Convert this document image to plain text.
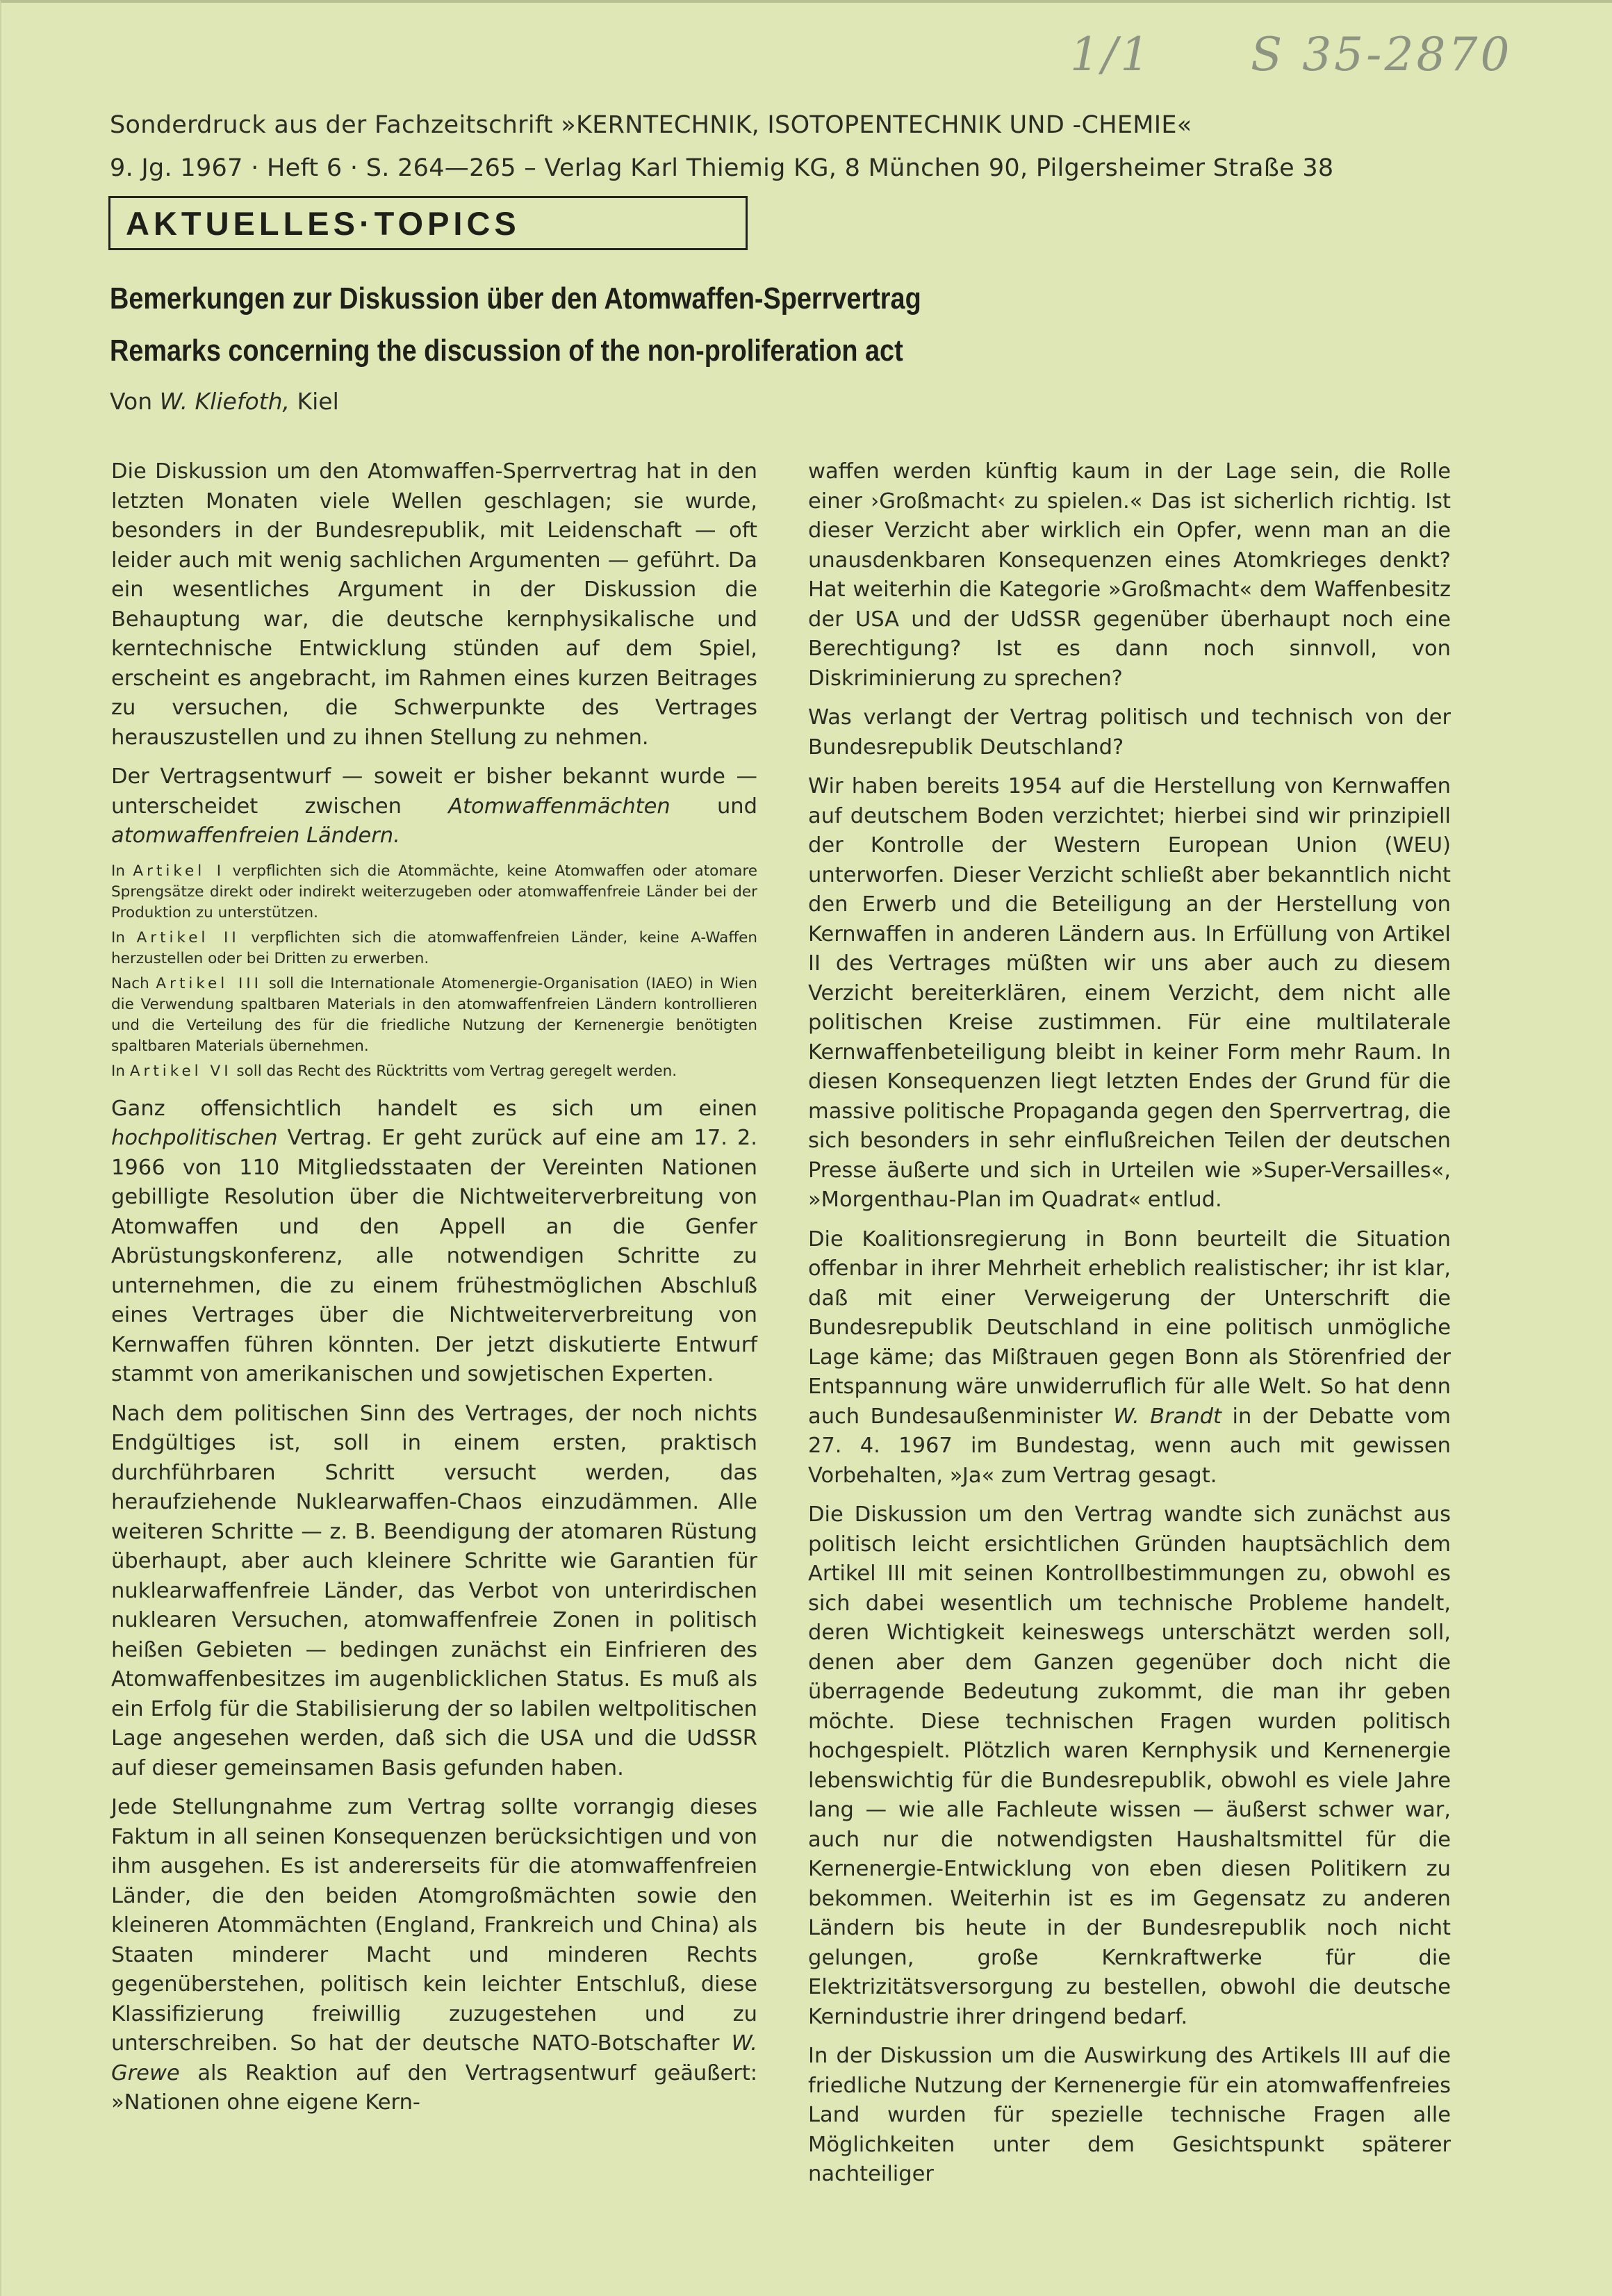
1/1 S 35-2870
Sonderdruck aus der Fachzeitschrift »KERNTECHNIK, ISOTOPENTECHNIK UND -CHEMIE«
9. Jg. 1967 · Heft 6 · S. 264—265 – Verlag Karl Thiemig KG, 8 München 90, Pilgersheimer Straße 38
AKTUELLES·TOPICS
Bemerkungen zur Diskussion über den Atomwaffen-Sperrvertrag
Remarks concerning the discussion of the non-proliferation act
Von W. Kliefoth, Kiel

Die Diskussion um den Atomwaffen-Sperrvertrag hat in den letzten Monaten viele Wellen geschlagen; sie wurde, besonders in der Bundesrepublik, mit Leidenschaft — oft leider auch mit wenig sachlichen Argumenten — geführt. Da ein wesentliches Argument in der Diskussion die Behauptung war, die deutsche kernphysikalische und kerntechnische Entwicklung stünden auf dem Spiel, erscheint es angebracht, im Rahmen eines kurzen Beitrages zu versuchen, die Schwerpunkte des Vertrages herauszustellen und zu ihnen Stellung zu nehmen.

Der Vertragsentwurf — soweit er bisher bekannt wurde — unterscheidet zwischen Atomwaffenmächten und atomwaffenfreien Ländern.

In Artikel I verpflichten sich die Atommächte, keine Atomwaffen oder atomare Sprengsätze direkt oder indirekt weiterzugeben oder atomwaffenfreie Länder bei der Produktion zu unterstützen.

In Artikel II verpflichten sich die atomwaffenfreien Länder, keine A-Waffen herzustellen oder bei Dritten zu erwerben.

Nach Artikel III soll die Internationale Atomenergie-Organisation (IAEO) in Wien die Verwendung spaltbaren Materials in den atomwaffenfreien Ländern kontrollieren und die Verteilung des für die friedliche Nutzung der Kernenergie benötigten spaltbaren Materials übernehmen.

In Artikel VI soll das Recht des Rücktritts vom Vertrag geregelt werden.

Ganz offensichtlich handelt es sich um einen hochpolitischen Vertrag. Er geht zurück auf eine am 17. 2. 1966 von 110 Mitgliedsstaaten der Vereinten Nationen gebilligte Resolution über die Nichtweiterverbreitung von Atomwaffen und den Appell an die Genfer Abrüstungskonferenz, alle notwendigen Schritte zu unternehmen, die zu einem frühestmöglichen Abschluß eines Vertrages über die Nichtweiterverbreitung von Kernwaffen führen könnten. Der jetzt diskutierte Entwurf stammt von amerikanischen und sowjetischen Experten.

Nach dem politischen Sinn des Vertrages, der noch nichts Endgültiges ist, soll in einem ersten, praktisch durchführbaren Schritt versucht werden, das heraufziehende Nuklearwaffen-Chaos einzudämmen. Alle weiteren Schritte — z. B. Beendigung der atomaren Rüstung überhaupt, aber auch kleinere Schritte wie Garantien für nuklearwaffenfreie Länder, das Verbot von unterirdischen nuklearen Versuchen, atomwaffenfreie Zonen in politisch heißen Gebieten — bedingen zunächst ein Einfrieren des Atomwaffenbesitzes im augenblicklichen Status. Es muß als ein Erfolg für die Stabilisierung der so labilen weltpolitischen Lage angesehen werden, daß sich die USA und die UdSSR auf dieser gemeinsamen Basis gefunden haben.

Jede Stellungnahme zum Vertrag sollte vorrangig dieses Faktum in all seinen Konsequenzen berücksichtigen und von ihm ausgehen. Es ist andererseits für die atomwaffenfreien Länder, die den beiden Atomgroßmächten sowie den kleineren Atommächten (England, Frankreich und China) als Staaten minderer Macht und minderen Rechts gegenüberstehen, politisch kein leichter Entschluß, diese Klassifizierung freiwillig zuzugestehen und zu unterschreiben. So hat der deutsche NATO-Botschafter W. Grewe als Reaktion auf den Vertragsentwurf geäußert: »Nationen ohne eigene Kern-

waffen werden künftig kaum in der Lage sein, die Rolle einer ›Großmacht‹ zu spielen.« Das ist sicherlich richtig. Ist dieser Verzicht aber wirklich ein Opfer, wenn man an die unausdenkbaren Konsequenzen eines Atomkrieges denkt? Hat weiterhin die Kategorie »Großmacht« dem Waffenbesitz der USA und der UdSSR gegenüber überhaupt noch eine Berechtigung? Ist es dann noch sinnvoll, von Diskriminierung zu sprechen?

Was verlangt der Vertrag politisch und technisch von der Bundesrepublik Deutschland?

Wir haben bereits 1954 auf die Herstellung von Kernwaffen auf deutschem Boden verzichtet; hierbei sind wir prinzipiell der Kontrolle der Western European Union (WEU) unterworfen. Dieser Verzicht schließt aber bekanntlich nicht den Erwerb und die Beteiligung an der Herstellung von Kernwaffen in anderen Ländern aus. In Erfüllung von Artikel II des Vertrages müßten wir uns aber auch zu diesem Verzicht bereiterklären, einem Verzicht, dem nicht alle politischen Kreise zustimmen. Für eine multilaterale Kernwaffenbeteiligung bleibt in keiner Form mehr Raum. In diesen Konsequenzen liegt letzten Endes der Grund für die massive politische Propaganda gegen den Sperrvertrag, die sich besonders in sehr einflußreichen Teilen der deutschen Presse äußerte und sich in Urteilen wie »Super-Versailles«, »Morgenthau-Plan im Quadrat« entlud.

Die Koalitionsregierung in Bonn beurteilt die Situation offenbar in ihrer Mehrheit erheblich realistischer; ihr ist klar, daß mit einer Verweigerung der Unterschrift die Bundesrepublik Deutschland in eine politisch unmögliche Lage käme; das Mißtrauen gegen Bonn als Störenfried der Entspannung wäre unwiderruflich für alle Welt. So hat denn auch Bundesaußenminister W. Brandt in der Debatte vom 27. 4. 1967 im Bundestag, wenn auch mit gewissen Vorbehalten, »Ja« zum Vertrag gesagt.

Die Diskussion um den Vertrag wandte sich zunächst aus politisch leicht ersichtlichen Gründen hauptsächlich dem Artikel III mit seinen Kontrollbestimmungen zu, obwohl es sich dabei wesentlich um technische Probleme handelt, deren Wichtigkeit keineswegs unterschätzt werden soll, denen aber dem Ganzen gegenüber doch nicht die überragende Bedeutung zukommt, die man ihr geben möchte. Diese technischen Fragen wurden politisch hochgespielt. Plötzlich waren Kernphysik und Kernenergie lebenswichtig für die Bundesrepublik, obwohl es viele Jahre lang — wie alle Fachleute wissen — äußerst schwer war, auch nur die notwendigsten Haushaltsmittel für die Kernenergie-Entwicklung von eben diesen Politikern zu bekommen. Weiterhin ist es im Gegensatz zu anderen Ländern bis heute in der Bundesrepublik noch nicht gelungen, große Kernkraftwerke für die Elektrizitätsversorgung zu bestellen, obwohl die deutsche Kernindustrie ihrer dringend bedarf.

In der Diskussion um die Auswirkung des Artikels III auf die friedliche Nutzung der Kernenergie für ein atomwaffenfreies Land wurden für spezielle technische Fragen alle Möglichkeiten unter dem Gesichtspunkt späterer nachteiliger
